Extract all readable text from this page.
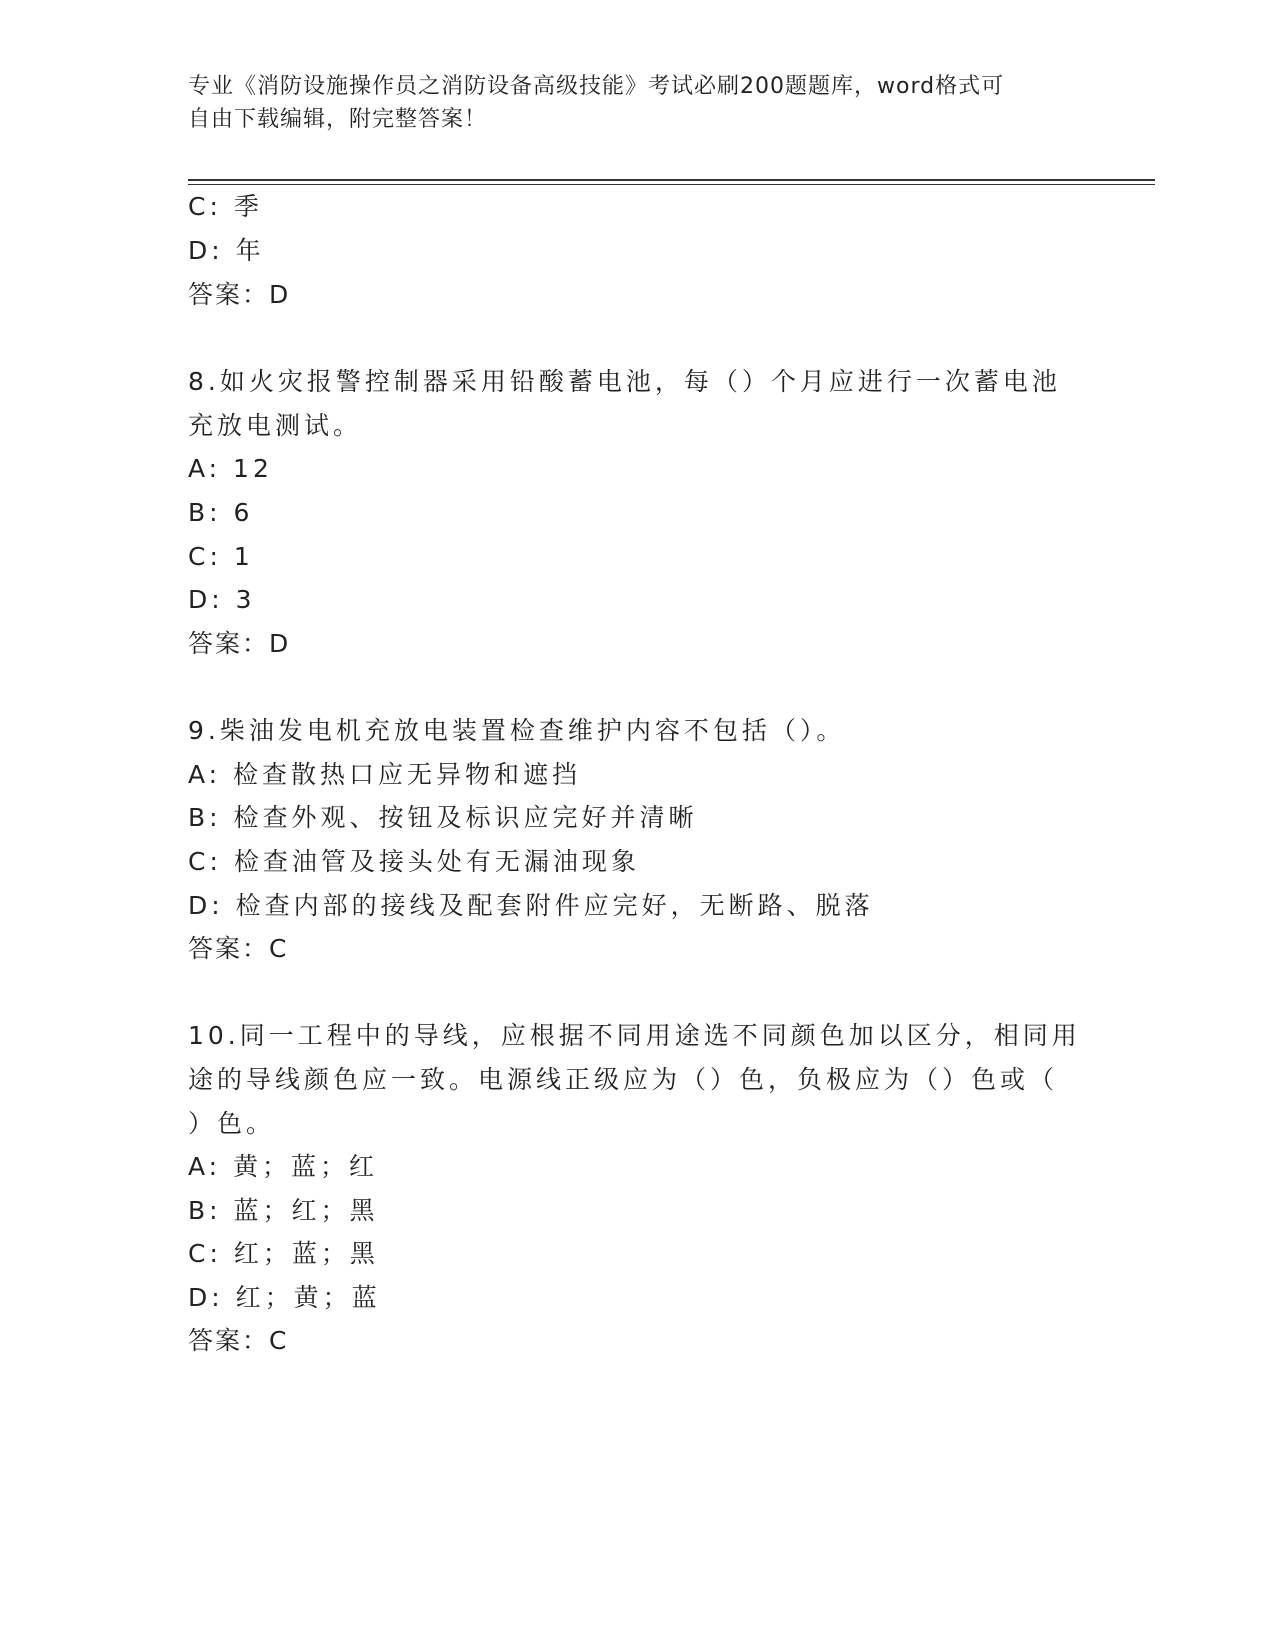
专业《消防设施操作员之消防设备高级技能》考试必刷200题题库，word格式可
自由下载编辑，附完整答案！
C: 季
D: 年
答案：D
8.如火灾报警控制器采用铅酸蓄电池，每（）个月应进行一次蓄电池
充放电测试。
A: 12
B: 6
C: 1
D: 3
答案：D
9.柴油发电机充放电装置检查维护内容不包括（）。
A: 检查散热口应无异物和遮挡
B: 检查外观、按钮及标识应完好并清晰
C: 检查油管及接头处有无漏油现象
D: 检查内部的接线及配套附件应完好，无断路、脱落
答案：C
10.同一工程中的导线，应根据不同用途选不同颜色加以区分，相同用
途的导线颜色应一致。电源线正级应为（）色，负极应为（）色或（
）色。
A: 黄；蓝；红
B: 蓝；红；黑
C: 红；蓝；黑
D: 红；黄；蓝
答案：C
